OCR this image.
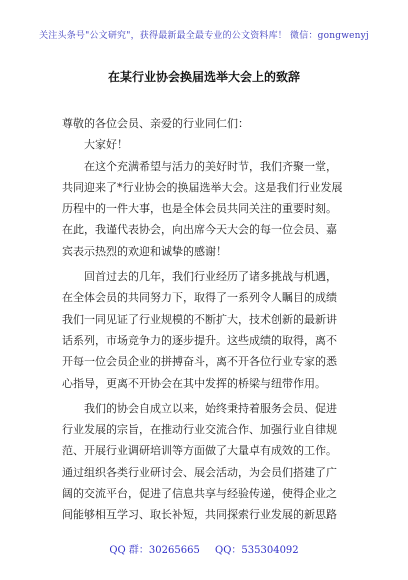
关注头条号"公文研究"，获得最新最全最专业的公文资料库！ 微信：gongwenyj
在某行业协会换届选举大会上的致辞
尊敬的各位会员、亲爱的行业同仁们：
大家好！
在这个充满希望与活力的美好时节，我们齐聚一堂，
共同迎来了*行业协会的换届选举大会。这是我们行业发展
历程中的一件大事，也是全体会员共同关注的重要时刻。
在此，我谨代表协会，向出席今天大会的每一位会员、嘉
宾表示热烈的欢迎和诚挚的感谢！
回首过去的几年，我们行业经历了诸多挑战与机遇，
在全体会员的共同努力下，取得了一系列令人瞩目的成绩
我们一同见证了行业规模的不断扩大，技术创新的最新讲
话系列，市场竞争力的逐步提升。这些成绩的取得，离不
开每一位会员企业的拼搏奋斗，离不开各位行业专家的悉
心指导，更离不开协会在其中发挥的桥梁与纽带作用。
我们的协会自成立以来，始终秉持着服务会员、促进
行业发展的宗旨，在推动行业交流合作、加强行业自律规
范、开展行业调研培训等方面做了大量卓有成效的工作。
通过组织各类行业研讨会、展会活动，为会员们搭建了广
阔的交流平台，促进了信息共享与经验传递，使得企业之
间能够相互学习、取长补短，共同探索行业发展的新思路
QQ 群：30265665 QQ：535304092
